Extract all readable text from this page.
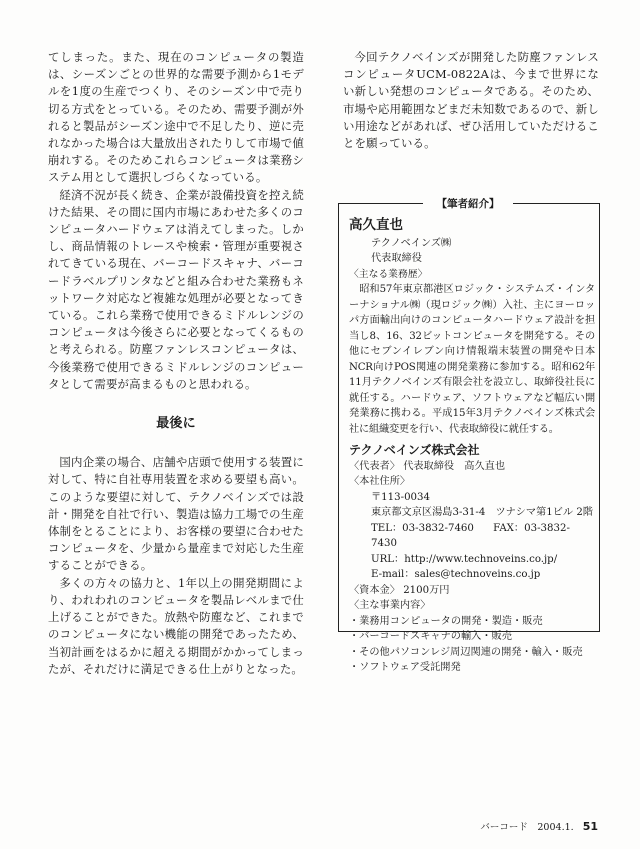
てしまった。また、現在のコンピュータの製造は、シーズンごとの世界的な需要予測から1モデルを1度の生産でつくり、そのシーズン中で売り切る方式をとっている。そのため、需要予測が外れると製品がシーズン途中で不足したり、逆に売れなかった場合は大量放出されたりして市場で値崩れする。そのためこれらコンピュータは業務システム用として選択しづらくなっている。

経済不況が長く続き、企業が設備投資を控え続けた結果、その間に国内市場にあわせた多くのコンピュータハードウェアは消えてしまった。しかし、商品情報のトレースや検索・管理が重要視されてきている現在、バーコードスキャナ、バーコードラベルプリンタなどと組み合わせた業務もネットワーク対応など複雑な処理が必要となってきている。これら業務で使用できるミドルレンジのコンピュータは今後さらに必要となってくるものと考えられる。防塵ファンレスコンピュータは、今後業務で使用できるミドルレンジのコンピュータとして需要が高まるものと思われる。

最後に

国内企業の場合、店舗や店頭で使用する装置に対して、特に自社専用装置を求める要望も高い。このような要望に対して、テクノベインズでは設計・開発を自社で行い、製造は協力工場での生産体制をとることにより、お客様の要望に合わせたコンピュータを、少量から量産まで対応した生産することができる。

多くの方々の協力と、1年以上の開発期間により、われわれのコンピュータを製品レベルまで仕上げることができた。放熱や防塵など、これまでのコンピュータにない機能の開発であったため、当初計画をはるかに超える期間がかかってしまったが、それだけに満足できる仕上がりとなった。

今回テクノベインズが開発した防塵ファンレスコンピュータUCM-0822Aは、今まで世界にない新しい発想のコンピュータである。そのため、市場や応用範囲などまだ未知数であるので、新しい用途などがあれば、ぜひ活用していただけることを願っている。

高久直也
テクノベインズ㈱
代表取締役
〈主なる業務歴〉
昭和57年東京都港区ロジック・システムズ・インターナショナル㈱（現ロジック㈱）入社、主にヨーロッパ方面輸出向けのコンピュータハードウェア設計を担当し8、16、32ビットコンピュータを開発する。その他にセブンイレブン向け情報端末装置の開発や日本NCR向けPOS関連の開発業務に参加する。昭和62年11月テクノベインズ有限会社を設立し、取締役社長に就任する。ハードウェア、ソフトウェアなど幅広い開発業務に携わる。平成15年3月テクノベインズ株式会社に組織変更を行い、代表取締役に就任する。
テクノベインズ株式会社
〈代表者〉 代表取締役　高久直也
〈本社住所〉
〒113-0034
東京都文京区湯島3-31-4　ツナシマ第1ビル 2階
TEL：03-3832-7460 FAX：03-3832-7430
URL：http://www.technoveins.co.jp/
E-mail：sales@technoveins.co.jp
〈資本金〉 2100万円
〈主な事業内容〉
・業務用コンピュータの開発・製造・販売
・バーコードスキャナの輸入・販売
・その他パソコンレジ周辺関連の開発・輸入・販売
・ソフトウェア受託開発
【筆者紹介】
バーコード　2004.1. 51
